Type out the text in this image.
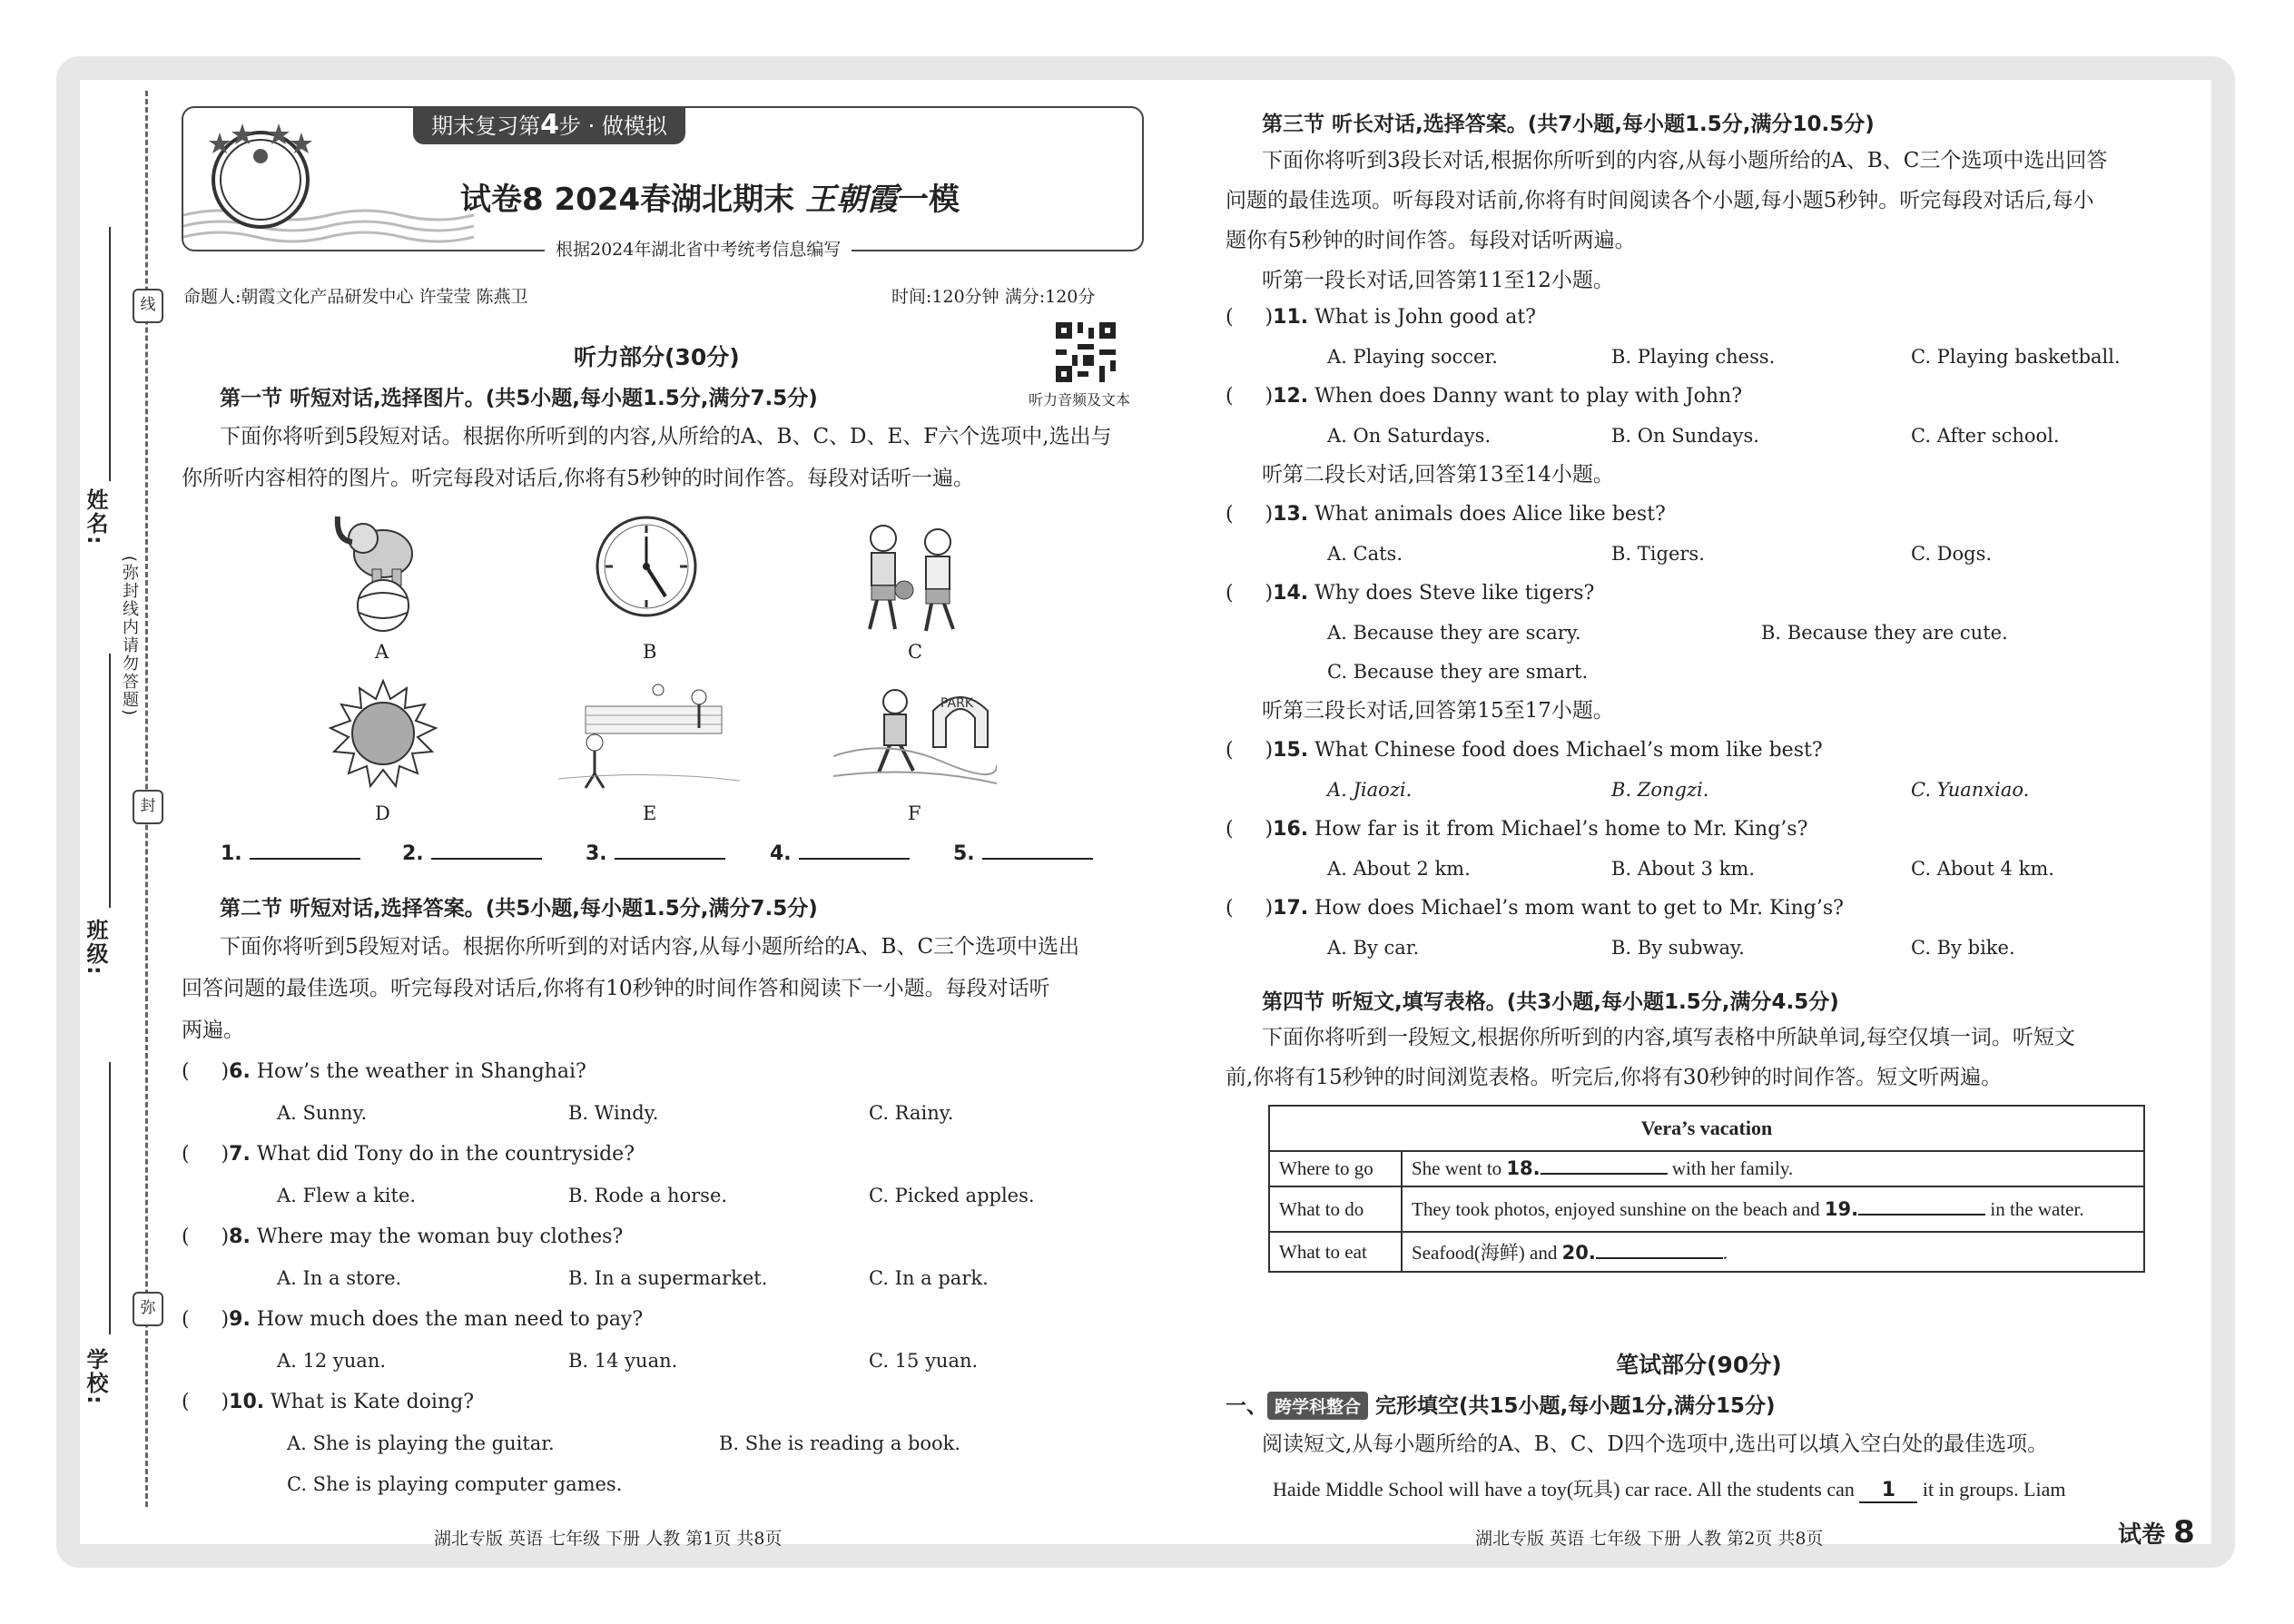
线
封
弥
姓名:
班级:
学校:
(弥封线内请勿答题)
期末复习第4步 · 做模拟
试卷8 2024春湖北期末 王朝霞一模
根据2024年湖北省中考统考信息编写
命题人:朝霞文化产品研发中心 许莹莹 陈燕卫	时间:120分钟 满分:120分
听力音频及文本
听力部分(30分)
第一节 听短对话,选择图片。(共5小题,每小题1.5分,满分7.5分)
下面你将听到5段短对话。根据你所听到的内容,从所给的A、B、C、D、E、F六个选项中,选出与
你所听内容相符的图片。听完每段对话后,你将有5秒钟的时间作答。每段对话听一遍。
A	B	C
PARK
D	E	F
1.	2.	3.	4.	5.
第二节 听短对话,选择答案。(共5小题,每小题1.5分,满分7.5分)
下面你将听到5段短对话。根据你所听到的对话内容,从每小题所给的A、B、C三个选项中选出
回答问题的最佳选项。听完每段对话后,你将有10秒钟的时间作答和阅读下一小题。每段对话听
两遍。
(     )6. How’s the weather in Shanghai?
A. Sunny.	B. Windy.	C. Rainy.
(     )7. What did Tony do in the countryside?
A. Flew a kite.	B. Rode a horse.	C. Picked apples.
(     )8. Where may the woman buy clothes?
A. In a store.	B. In a supermarket.	C. In a park.
(     )9. How much does the man need to pay?
A. 12 yuan.	B. 14 yuan.	C. 15 yuan.
(     )10. What is Kate doing?
A. She is playing the guitar.	B. She is reading a book.
C. She is playing computer games.
湖北专版 英语 七年级 下册 人教 第1页 共8页
第三节 听长对话,选择答案。(共7小题,每小题1.5分,满分10.5分)
下面你将听到3段长对话,根据你所听到的内容,从每小题所给的A、B、C三个选项中选出回答
问题的最佳选项。听每段对话前,你将有时间阅读各个小题,每小题5秒钟。听完每段对话后,每小
题你有5秒钟的时间作答。每段对话听两遍。
听第一段长对话,回答第11至12小题。
(     )11. What is John good at?
A. Playing soccer.	B. Playing chess.	C. Playing basketball.
(     )12. When does Danny want to play with John?
A. On Saturdays.	B. On Sundays.	C. After school.
听第二段长对话,回答第13至14小题。
(     )13. What animals does Alice like best?
A. Cats.	B. Tigers.	C. Dogs.
(     )14. Why does Steve like tigers?
A. Because they are scary.	B. Because they are cute.
C. Because they are smart.
听第三段长对话,回答第15至17小题。
(     )15. What Chinese food does Michael’s mom like best?
A. Jiaozi.	B. Zongzi.	C. Yuanxiao.
(     )16. How far is it from Michael’s home to Mr. King’s?
A. About 2 km.	B. About 3 km.	C. About 4 km.
(     )17. How does Michael’s mom want to get to Mr. King’s?
A. By car.	B. By subway.	C. By bike.
第四节 听短文,填写表格。(共3小题,每小题1.5分,满分4.5分)
下面你将听到一段短文,根据你所听到的内容,填写表格中所缺单词,每空仅填一词。听短文
前,你将有15秒钟的时间浏览表格。听完后,你将有30秒钟的时间作答。短文听两遍。
Vera’s vacation	
Where to go	She went to 18. with her family.
What to do	They took photos, enjoyed sunshine on the beach and 19. in the water.
What to eat	Seafood(海鲜) and 20. .
笔试部分(90分)
一、 跨学科整合 完形填空(共15小题,每小题1分,满分15分)
阅读短文,从每小题所给的A、B、C、D四个选项中,选出可以填入空白处的最佳选项。
Haide Middle School will have a toy(玩具) car race. All the students can 1 it in groups. Liam
湖北专版 英语 七年级 下册 人教 第2页 共8页	试卷 8
